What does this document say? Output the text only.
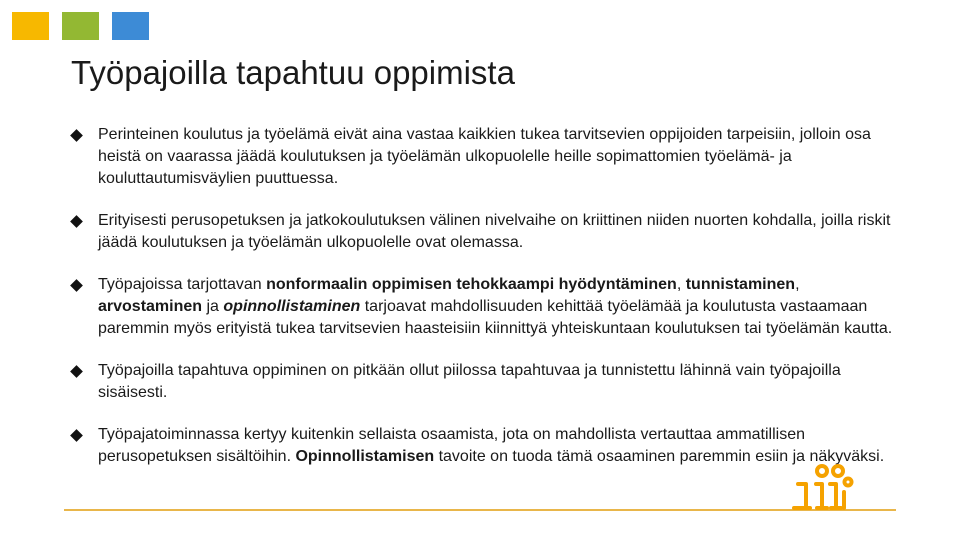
Työpajoilla tapahtuu oppimista
Perinteinen koulutus ja työelämä eivät aina vastaa kaikkien tukea tarvitsevien oppijoiden tarpeisiin, jolloin osa heistä on vaarassa jäädä koulutuksen ja työelämän ulkopuolelle heille sopimattomien työelämä- ja kouluttautumisväylien puuttuessa.
Erityisesti perusopetuksen ja jatkokoulutuksen välinen nivelvaihe on kriittinen niiden nuorten kohdalla, joilla riskit jäädä koulutuksen ja työelämän ulkopuolelle ovat olemassa.
Työpajoissa tarjottavan nonformaalin oppimisen tehokkaampi hyödyntäminen, tunnistaminen, arvostaminen ja opinnollistaminen tarjoavat mahdollisuuden kehittää työelämää ja koulutusta vastaamaan paremmin myös erityistä tukea tarvitsevien haasteisiin kiinnittyä yhteiskuntaan koulutuksen tai työelämän kautta.
Työpajoilla tapahtuva oppiminen on pitkään ollut piilossa tapahtuvaa ja tunnistettu lähinnä vain työpajoilla sisäisesti.
Työpajatoiminnassa kertyy kuitenkin sellaista osaamista, jota on mahdollista vertauttaa ammatillisen perusopetuksen sisältöihin. Opinnollistamisen tavoite on tuoda tämä osaaminen paremmin esiin ja näkyväksi.
